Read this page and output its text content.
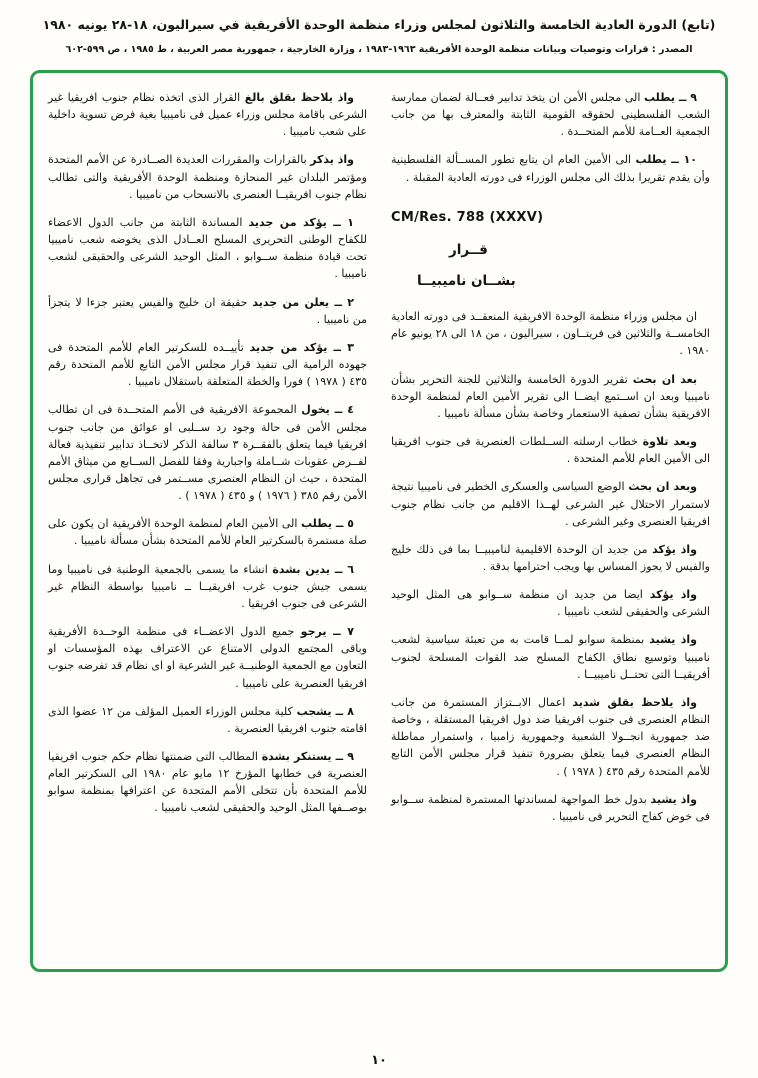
(تابع) الدورة العادية الخامسة والثلاثون لمجلس وزراء منظمة الوحدة الأفريقية في سيراليون، ١٨-٢٨ يونيه ١٩٨٠
المصدر : قرارات وتوصيات وبيانات منظمة الوحدة الأفريقية ١٩٦٣-١٩٨٣ ، وزارة الخارجية ، جمهورية مصر العربية ، ط ١٩٨٥ ، ص ٥٩٩-٦٠٢

٩ ــ يطلب الى مجلس الأمن ان يتخذ تدابير فعــالة لضمان ممارسة الشعب الفلسطينى لحقوقه القومية الثابتة والمعترف بها من جانب الجمعية العــامة للأمم المتحــدة .

١٠ ــ يطلب الى الأمين العام ان يتابع تطور المســألة الفلسطينية وأن يقدم تقريرا بذلك الى مجلس الوزراء فى دورته العادية المقبلة .

CM/Res. 788 (XXXV)
قــرار
بشــان ناميبيــا

ان مجلس وزراء منظمة الوحدة الافريقية المنعقــد فى دورته العادية الخامســة والثلاثين فى فريتــاون ، سيراليون ، من ١٨ الى ٢٨ يونيو عام ١٩٨٠ .

بعد ان بحث تقرير الدورة الخامسة والثلاثين للجنة التحرير بشأن ناميبيا وبعد ان اســتمع ايضــا الى تقرير الأمين العام لمنظمة الوحدة الافريقية بشأن تصفية الاستعمار وخاصة بشأن مسألة ناميبيا .

وبعد تلاوة خطاب ارسلته الســلطات العنصرية فى جنوب افريقيا الى الأمين العام للأمم المتحدة .

وبعد ان بحث الوضع السياسى والعسكرى الخطير فى ناميبيا نتيجة لاستمرار الاحتلال غير الشرعى لهــذا الاقليم من جانب نظام جنوب افريقيا العنصرى وغير الشرعى .

واذ يؤكد من جديد ان الوحدة الاقليمية لناميبيــا بما فى ذلك خليج والفيس لا يجوز المساس بها ويجب احترامها بدقة .

واذ يؤكد ايضا من جديد ان منظمة ســوابو هى المثل الوحيد الشرعى والحقيقى لشعب ناميبيا .

واذ يشيد بمنظمة سوابو لمــا قامت به من تعبئة سياسية لشعب ناميبيا وتوسيع نطاق الكفاح المسلح ضد القوات المسلحة لجنوب أفريقيــا التى تحتــل ناميبيــا .

واذ يلاحظ بقلق شديد اعمال الابــتزاز المستمرة من جانب النظام العنصرى فى جنوب افريقيا ضد دول افريقيا المستقلة ، وخاصة ضد جمهورية انجــولا الشعبية وجمهورية زامبيا ، واستمرار مماطلة النظام العنصرى فيما يتعلق بضرورة تنفيذ قرار مجلس الأمن التابع للأمم المتحدة رقم ٤٣٥ ( ١٩٧٨ ) .

واذ يشيد بدول خط المواجهة لمساندتها المستمرة لمنظمة ســوابو فى خوض كفاح التحرير فى ناميبيا .

واذ يلاحظ بقلق بالغ القرار الذى اتخذه نظام جنوب افريقيا غير الشرعى باقامة مجلس وزراء عميل فى ناميبيا بغية فرض تسوية داخلية على شعب ناميبيا .

واذ يذكر بالقرارات والمقررات العديدة الصــادرة عن الأمم المتحدة ومؤتمر البلدان غير المنحازة ومنظمة الوحدة الأفريقية والتى تطالب نظام جنوب افريقيــا العنصرى بالانسحاب من ناميبيا .

١ ــ يؤكد من جديد المساندة الثابتة من جانب الدول الاعضاء للكفاح الوطنى التحريرى المسلح العــادل الذى يخوضه شعب ناميبيا تحت قيادة منظمة ســوابو ، المثل الوحيد الشرعى والحقيقى لشعب ناميبيا .

٢ ــ يعلن من جديد حقيقة ان خليج والفيس يعتبر جزءا لا يتجزأ من ناميبيا .

٣ ــ يؤكد من جديد تأييــده للسكرتير العام للأمم المتحدة فى جهوده الرامية الى تنفيذ قرار مجلس الأمن التابع للأمم المتحدة رقم ٤٣٥ ( ١٩٧٨ ) فورا والخطة المتعلقة باستقلال ناميبيا .

٤ ــ يخول المجموعة الافريقية فى الأمم المتحــدة فى ان تطالب مجلس الأمن فى حالة وجود رد ســلبى او عوائق من جانب جنوب افريقيا فيما يتعلق بالفقــرة ٣ سالفة الذكر لاتخــاذ تدابير تنفيذية فعالة لفــرض عقوبات شــاملة واجبارية وفقا للفصل الســابع من ميثاق الأمم المتحدة ، حيث ان النظام العنصرى مســتمر فى تجاهل قرارى مجلس الأمن رقم ٣٨٥ ( ١٩٧٦ ) و ٤٣٥ ( ١٩٧٨ ) .

٥ ــ يطلب الى الأمين العام لمنظمة الوحدة الأفريقية ان يكون على صلة مستمرة بالسكرتير العام للأمم المتحدة بشأن مسألة ناميبيا .

٦ ــ يدين بشدة انشاء ما يسمى بالجمعية الوطنية فى ناميبيا وما يسمى جيش جنوب غرب افريقيــا ــ ناميبيا بواسطة النظام غير الشرعى فى جنوب افريقيا .

٧ ــ يرجو جميع الدول الاعضــاء فى منظمة الوحــدة الأفريقية وباقى المجتمع الدولى الامتناع عن الاعتراف بهذه المؤسسات او التعاون مع الجمعية الوطنيــة غير الشرعية او اى نظام قد تفرضه جنوب افريقيا العنصرية على ناميبيا .

٨ ــ يشجب كلية مجلس الوزراء العميل المؤلف من ١٢ عضوا الذى اقامته جنوب افريقيا العنصرية .

٩ ــ يستنكر بشدة المطالب التى ضمنتها نظام حكم جنوب افريقيا العنصرية فى خطابها المؤرخ ١٢ مايو عام ١٩٨٠ الى السكرتير العام للأمم المتحدة بأن تتخلى الأمم المتحدة عن اعترافها بمنظمة سوابو بوصــفها المثل الوحيد والحقيقى لشعب ناميبيا .

١٠
